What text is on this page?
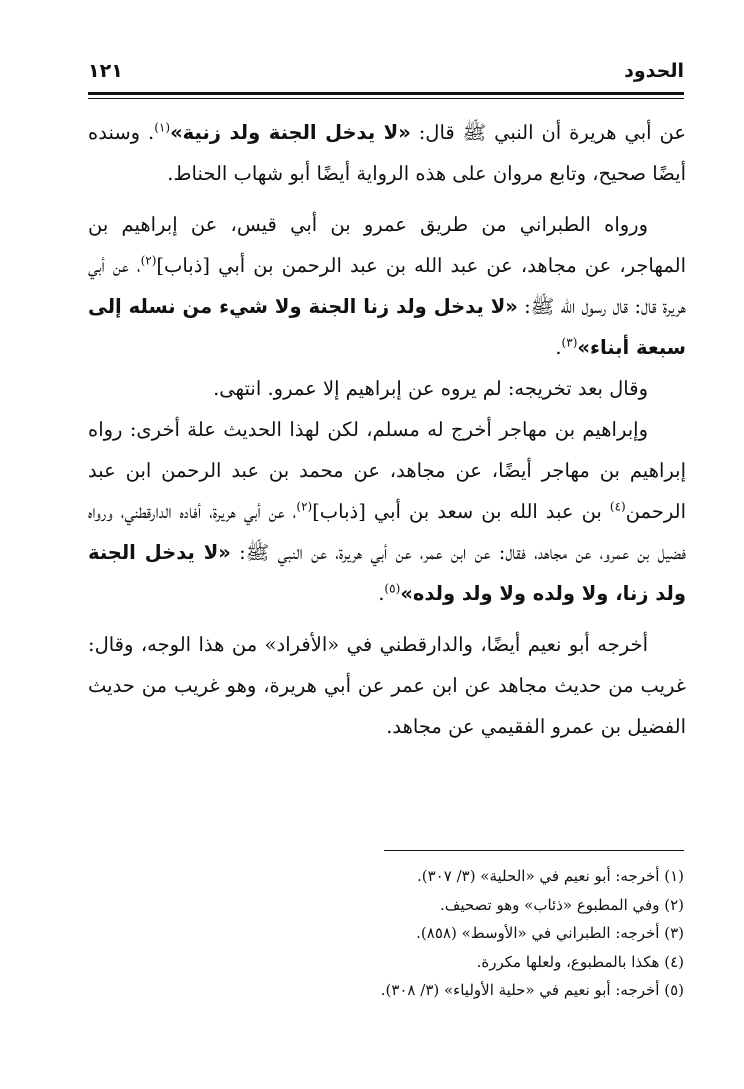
الحدود
١٢١

عن أبي هريرة أن النبي ﷺ قال: «لا يدخل الجنة ولد زنية»$^{(١)}$. وسنده أيضًا صحيح، وتابع مروان على هذه الرواية أيضًا أبو شهاب الحناط.

ورواه الطبراني من طريق عمرو بن أبي قيس، عن إبراهيم بن المهاجر، عن مجاهد، عن عبد الله بن عبد الرحمن بن أبي [ذباب]$^{(٢)}$، عن أبي هريرة قال: قال رسول الله ﷺ: «لا يدخل ولد زنا الجنة ولا شيء من نسله إلى سبعة أبناء»$^{(٣)}$.

وقال بعد تخريجه: لم يروه عن إبراهيم إلا عمرو. انتهى.

وإبراهيم بن مهاجر أخرج له مسلم، لكن لهذا الحديث علة أخرى: رواه إبراهيم بن مهاجر أيضًا، عن مجاهد، عن محمد بن عبد الرحمن ابن عبد الرحمن$^{(٤)}$ بن عبد الله بن سعد بن أبي [ذباب]$^{(٢)}$، عن أبي هريرة، أفاده الدارقطني، ورواه فضيل بن عمرو، عن مجاهد، فقال: عن ابن عمر، عن أبي هريرة، عن النبي ﷺ: «لا يدخل الجنة ولد زنا، ولا ولده ولا ولد ولده»$^{(٥)}$.

أخرجه أبو نعيم أيضًا، والدارقطني في «الأفراد» من هذا الوجه، وقال: غريب من حديث مجاهد عن ابن عمر عن أبي هريرة، وهو غريب من حديث الفضيل بن عمرو الفقيمي عن مجاهد.

(١) أخرجه: أبو نعيم في «الحلية» (٣/ ٣٠٧).
(٢) وفي المطبوع «ذئاب» وهو تصحيف.
(٣) أخرجه: الطبراني في «الأوسط» (٨٥٨).
(٤) هكذا بالمطبوع، ولعلها مكررة.
(٥) أخرجه: أبو نعيم في «حلية الأولياء» (٣/ ٣٠٨).
